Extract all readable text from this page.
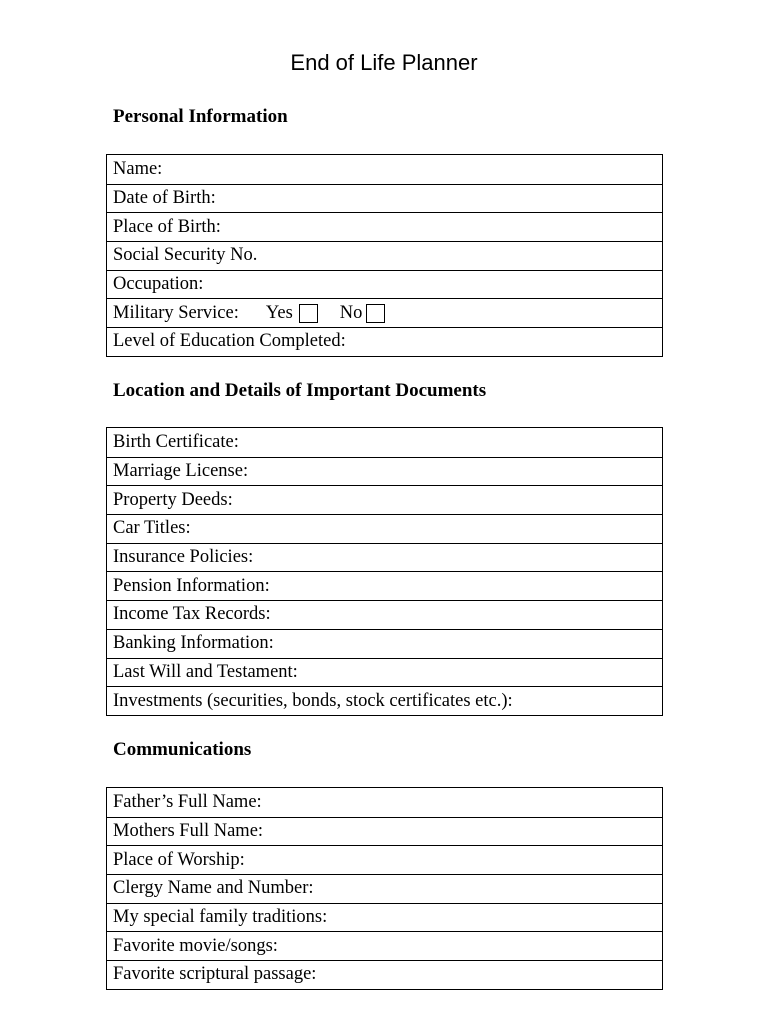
End of Life Planner
Personal Information
Name:
Date of Birth:
Place of Birth:
Social Security No.
Occupation:
Military Service: Yes	No
Level of Education Completed:
Location and Details of Important Documents
Birth Certificate:
Marriage License:
Property Deeds:
Car Titles:
Insurance Policies:
Pension Information:
Income Tax Records:
Banking Information:
Last Will and Testament:
Investments (securities, bonds, stock certificates etc.):
Communications
Father’s Full Name:
Mothers Full Name:
Place of Worship:
Clergy Name and Number:
My special family traditions:
Favorite movie/songs:
Favorite scriptural passage:
